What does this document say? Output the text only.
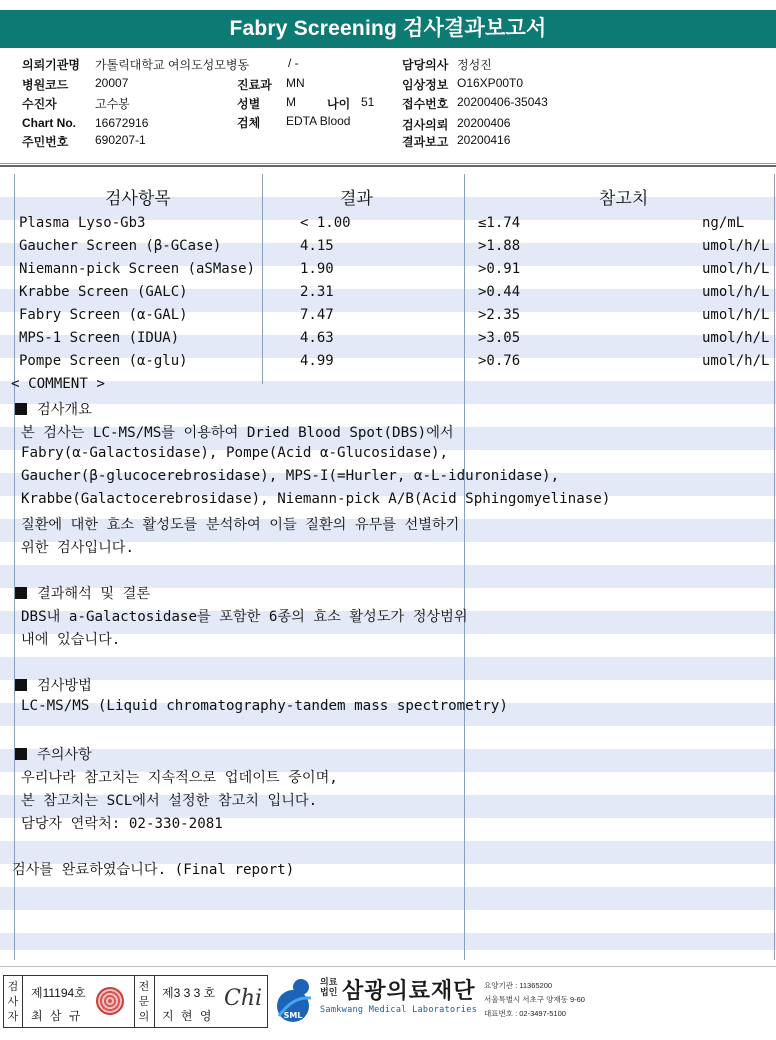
Fabry Screening 검사결과보고서
의뢰기관명 가톨릭대학교 여의도성모병동	/ -
병원코드 20007	진료과 MN
수진자	고수봉	성별 M	나이 51
Chart No. 16672916	검체 EDTA Blood
주민번호 690207-1
담당의사 정성진
임상정보 O16XP00T0
접수번호 20200406-35043
검사의뢰 20200406
결과보고 20200416
검사항목	결과	참고치
Plasma Lyso-Gb3	< 1.00	≤1.74	ng/mL
Gaucher Screen (β-GCase)	4.15	>1.88	umol/h/L
Niemann-pick Screen (aSMase)	1.90	>0.91	umol/h/L
Krabbe Screen (GALC)	2.31	>0.44	umol/h/L
Fabry Screen (α-GAL)	7.47	>2.35	umol/h/L
MPS-1 Screen (IDUA)	4.63	>3.05	umol/h/L
Pompe Screen (α-glu)	4.99	>0.76	umol/h/L
< COMMENT >
검사개요
본 검사는 LC-MS/MS를 이용하여 Dried Blood Spot(DBS)에서
Fabry(α-Galactosidase), Pompe(Acid α-Glucosidase),
Gaucher(β-glucocerebrosidase), MPS-I(=Hurler, α-L-iduronidase),
Krabbe(Galactocerebrosidase), Niemann-pick A/B(Acid Sphingomyelinase)
질환에 대한 효소 활성도를 분석하여 이들 질환의 유무를 선별하기
위한 검사입니다.
결과해석 및 결론
DBS내 a-Galactosidase를 포함한 6종의 효소 활성도가 정상범위
내에 있습니다.
검사방법
LC-MS/MS (Liquid chromatography-tandem mass spectrometry)
주의사항
우리나라 참고치는 지속적으로 업데이트 중이며,
본 참고치는 SCL에서 설정한 참고치 입니다.
담당자 연락처: 02-330-2081
검사를 완료하였습니다. (Final report)
검사자
제11194호
최 삼 규
전문의
제3 3 3 호
지 현 영
Chi
SML
의료
법인 삼광의료재단
Samkwang Medical Laboratories
요양기관 : 11365200
서울특별시 서초구 양재동 9-60
대표번호 : 02-3497-5100
